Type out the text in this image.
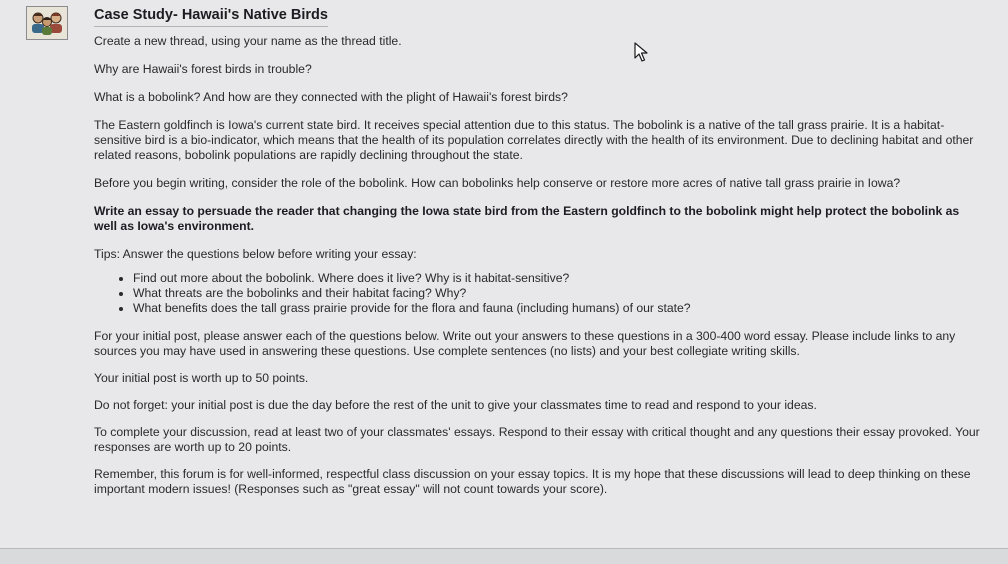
Case Study- Hawaii's Native Birds

Create a new thread, using your name as the thread title.

Why are Hawaii's forest birds in trouble?

What is a bobolink? And how are they connected with the plight of Hawaii's forest birds?

The Eastern goldfinch is Iowa's current state bird. It receives special attention due to this status. The bobolink is a native of the tall grass prairie. It is a habitat-sensitive bird is a bio-indicator, which means that the health of its population correlates directly with the health of its environment. Due to declining habitat and other related reasons, bobolink populations are rapidly declining throughout the state.

Before you begin writing, consider the role of the bobolink. How can bobolinks help conserve or restore more acres of native tall grass prairie in Iowa?

Write an essay to persuade the reader that changing the Iowa state bird from the Eastern goldfinch to the bobolink might help protect the bobolink as well as Iowa's environment.

Tips: Answer the questions below before writing your essay:

• Find out more about the bobolink. Where does it live? Why is it habitat-sensitive?
• What threats are the bobolinks and their habitat facing? Why?
• What benefits does the tall grass prairie provide for the flora and fauna (including humans) of our state?

For your initial post, please answer each of the questions below. Write out your answers to these questions in a 300-400 word essay. Please include links to any sources you may have used in answering these questions. Use complete sentences (no lists) and your best collegiate writing skills.

Your initial post is worth up to 50 points.

Do not forget: your initial post is due the day before the rest of the unit to give your classmates time to read and respond to your ideas.

To complete your discussion, read at least two of your classmates' essays. Respond to their essay with critical thought and any questions their essay provoked. Your responses are worth up to 20 points.

Remember, this forum is for well-informed, respectful class discussion on your essay topics. It is my hope that these discussions will lead to deep thinking on these important modern issues! (Responses such as "great essay" will not count towards your score).
